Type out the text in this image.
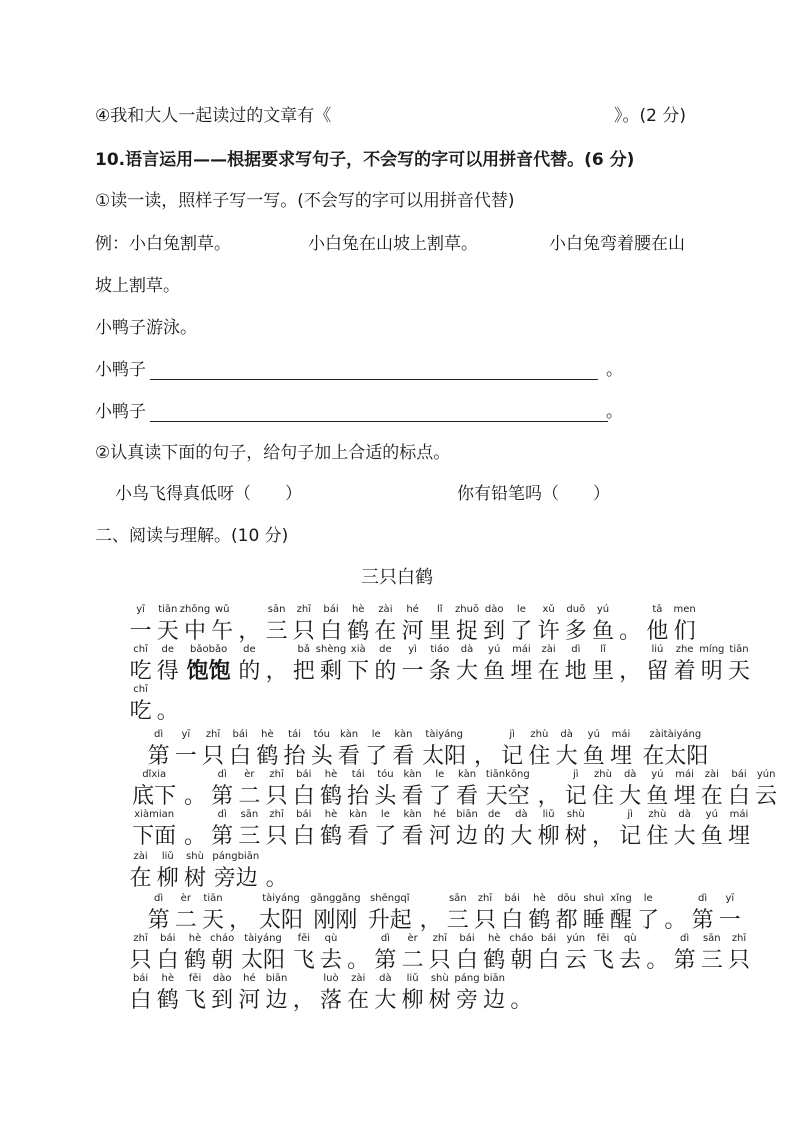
④我和大人一起读过的文章有《	》。(2 分)
10.语言运用——根据要求写句子，不会写的字可以用拼音代替。(6 分)
①读一读，照样子写一写。(不会写的字可以用拼音代替)
例：小白兔割草。	小白兔在山坡上割草。	小白兔弯着腰在山
坡上割草。
小鸭子游泳。
小鸭子	。
小鸭子	。
②认真读下面的句子，给句子加上合适的标点。
小鸟飞得真低呀（　　）	你有铅笔吗（　　）
二、阅读与理解。(10 分)
三只白鹤
yī
一
tiān
天
zhōng
中
wǔ
午 ，
sān
三
zhī
只
bái
白
hè
鹤
zài
在
hé
河
lǐ
里
zhuō
捉
dào
到
le
了
xǔ
许
duō
多
yú
鱼 。
tā
他
men
们
chī
吃
de
得
bǎobǎo
饱饱
de
的 ，
bǎ
把
shèng
剩
xià
下
de
的
yì
一
tiáo
条
dà
大
yú
鱼
mái
埋
zài
在
dì
地
lǐ
里 ，
liú
留
zhe
着
míng
明
tiān
天
chī
吃 。
dì
第
yī
一
zhī
只
bái
白
hè
鹤
tái
抬
tóu
头
kàn
看
le
了
kàn
看
tàiyáng
太阳 ，
jì
记
zhù
住
dà
大
yú
鱼
mái
埋
zàitàiyáng
在太阳
dǐxia
底下 。
dì
第
èr
二
zhī
只
bái
白
hè
鹤
tái
抬
tóu
头
kàn
看
le
了
kàn
看
tiānkōng
天空 ，
jì
记
zhù
住
dà
大
yú
鱼
mái
埋
zài
在
bái
白
yún
云
xiàmian
下面 。
dì
第
sān
三
zhī
只
bái
白
hè
鹤
kàn
看
le
了
kàn
看
hé
河
biān
边
de
的
dà
大
liǔ
柳
shù
树 ，
jì
记
zhù
住
dà
大
yú
鱼
mái
埋
zài
在
liǔ
柳
shù
树
pángbiān
旁边 。
dì
第
èr
二
tiān
天 ，
tàiyáng
太阳
gānggāng
刚刚
shēngqǐ
升起 ，
sān
三
zhī
只
bái
白
hè
鹤
dōu
都
shuì
睡
xǐng
醒
le
了 。
dì
第
yī
一
zhī
只
bái
白
hè
鹤
cháo
朝
tàiyáng
太阳
fēi
飞
qù
去 。
dì
第
èr
二
zhī
只
bái
白
hè
鹤
cháo
朝
bái
白
yún
云
fēi
飞
qù
去 。
dì
第
sān
三
zhī
只
bái
白
hè
鹤
fēi
飞
dào
到
hé
河
biān
边 ，
luò
落
zài
在
dà
大
liǔ
柳
shù
树
páng
旁
biān
边 。
